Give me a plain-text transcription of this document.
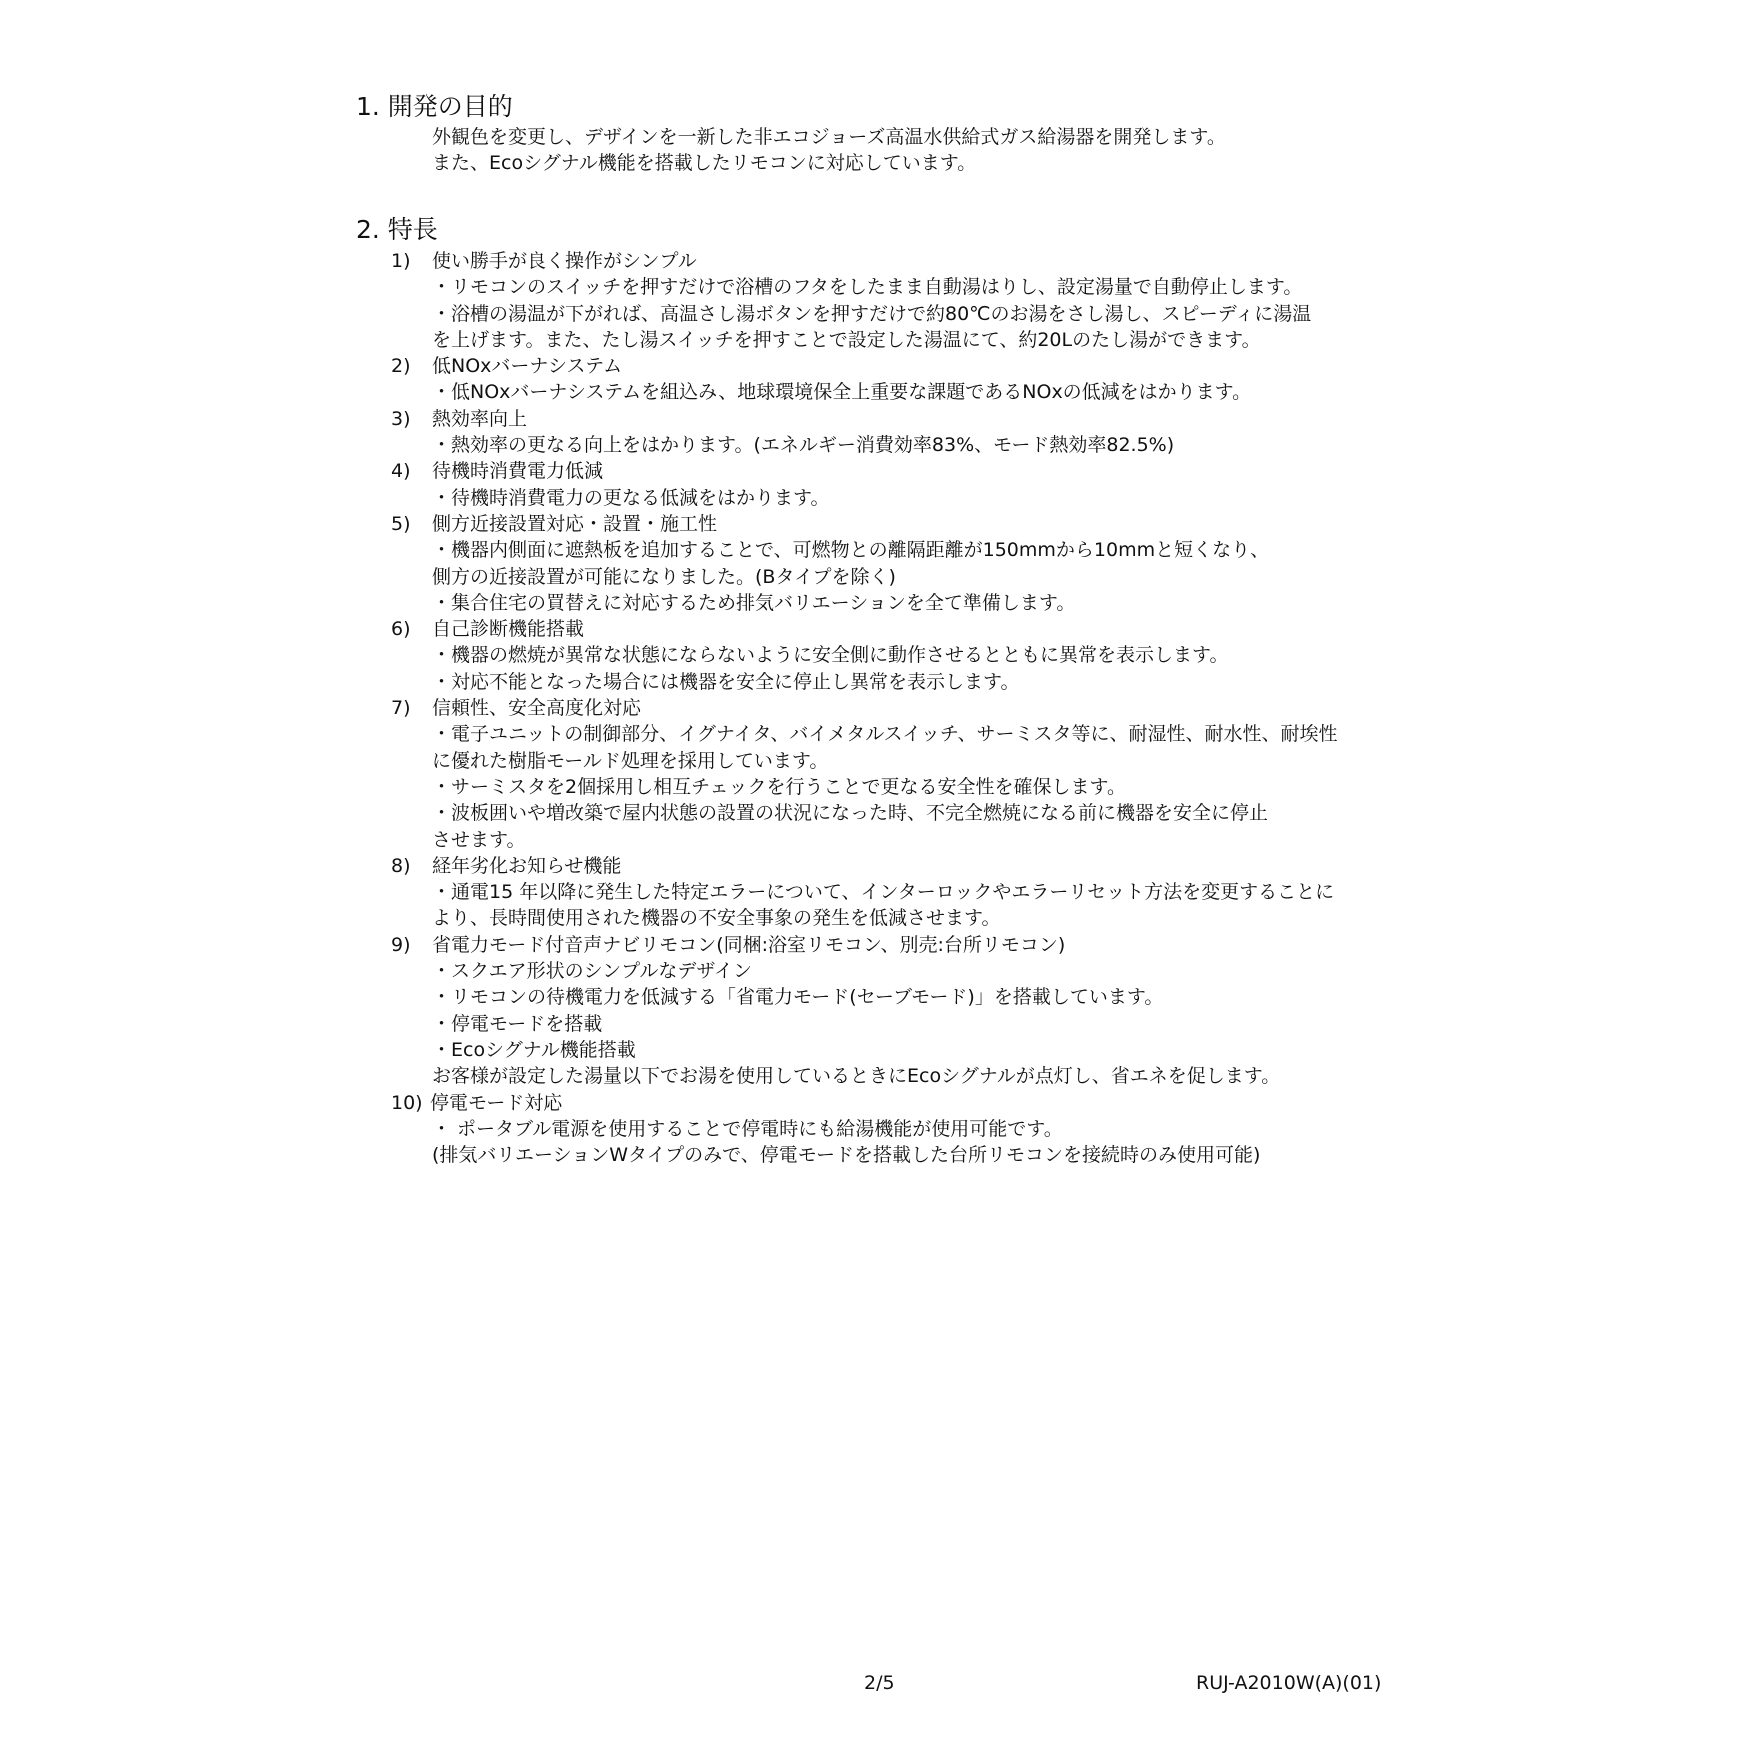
1. 開発の目的
外観色を変更し、デザインを一新した非エコジョーズ高温水供給式ガス給湯器を開発します。
また、Ecoシグナル機能を搭載したリモコンに対応しています。
2. 特長
1)	使い勝手が良く操作がシンプル
・リモコンのスイッチを押すだけで浴槽のフタをしたまま自動湯はりし、設定湯量で自動停止します。
・浴槽の湯温が下がれば、高温さし湯ボタンを押すだけで約80℃のお湯をさし湯し、スピーディに湯温
を上げます。また、たし湯スイッチを押すことで設定した湯温にて、約20Lのたし湯ができます。
2)	低NOxバーナシステム
・低NOxバーナシステムを組込み、地球環境保全上重要な課題であるNOxの低減をはかります。
3)	熱効率向上
・熱効率の更なる向上をはかります。(エネルギー消費効率83%、モード熱効率82.5%)
4)	待機時消費電力低減
・待機時消費電力の更なる低減をはかります。
5)	側方近接設置対応・設置・施工性
・機器内側面に遮熱板を追加することで、可燃物との離隔距離が150mmから10mmと短くなり、
側方の近接設置が可能になりました。(Bタイプを除く)
・集合住宅の買替えに対応するため排気バリエーションを全て準備します。
6)	自己診断機能搭載
・機器の燃焼が異常な状態にならないように安全側に動作させるとともに異常を表示します。
・対応不能となった場合には機器を安全に停止し異常を表示します。
7)	信頼性、安全高度化対応
・電子ユニットの制御部分、イグナイタ、バイメタルスイッチ、サーミスタ等に、耐湿性、耐水性、耐埃性
に優れた樹脂モールド処理を採用しています。
・サーミスタを2個採用し相互チェックを行うことで更なる安全性を確保します。
・波板囲いや増改築で屋内状態の設置の状況になった時、不完全燃焼になる前に機器を安全に停止
させます。
8)	経年劣化お知らせ機能
・通電15 年以降に発生した特定エラーについて、インターロックやエラーリセット方法を変更することに
より、長時間使用された機器の不安全事象の発生を低減させます。
9)	省電力モード付音声ナビリモコン(同梱:浴室リモコン、別売:台所リモコン)
・スクエア形状のシンプルなデザイン
・リモコンの待機電力を低減する「省電力モード(セーブモード)」を搭載しています。
・停電モードを搭載
・Ecoシグナル機能搭載
お客様が設定した湯量以下でお湯を使用しているときにEcoシグナルが点灯し、省エネを促します。
10) 停電モード対応
・ ポータブル電源を使用することで停電時にも給湯機能が使用可能です。
(排気バリエーションWタイプのみで、停電モードを搭載した台所リモコンを接続時のみ使用可能)
2/5	RUJ-A2010W(A)(01)
